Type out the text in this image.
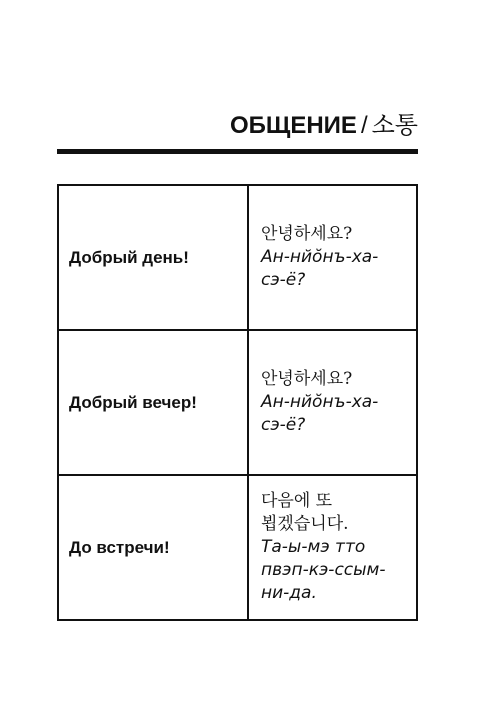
ОБЩЕНИЕ / 소통
Добрый день!	안녕하세요?
Ан-нйŏнъ-ха-
сэ-ё?

Добрый вечер!	안녕하세요?
Ан-нйŏнъ-ха-
сэ-ё?

До встречи!	다음에 또
뵙겠습니다.
Та-ы-мэ тто
пвэп-кэ-ссым-
ни-да.
